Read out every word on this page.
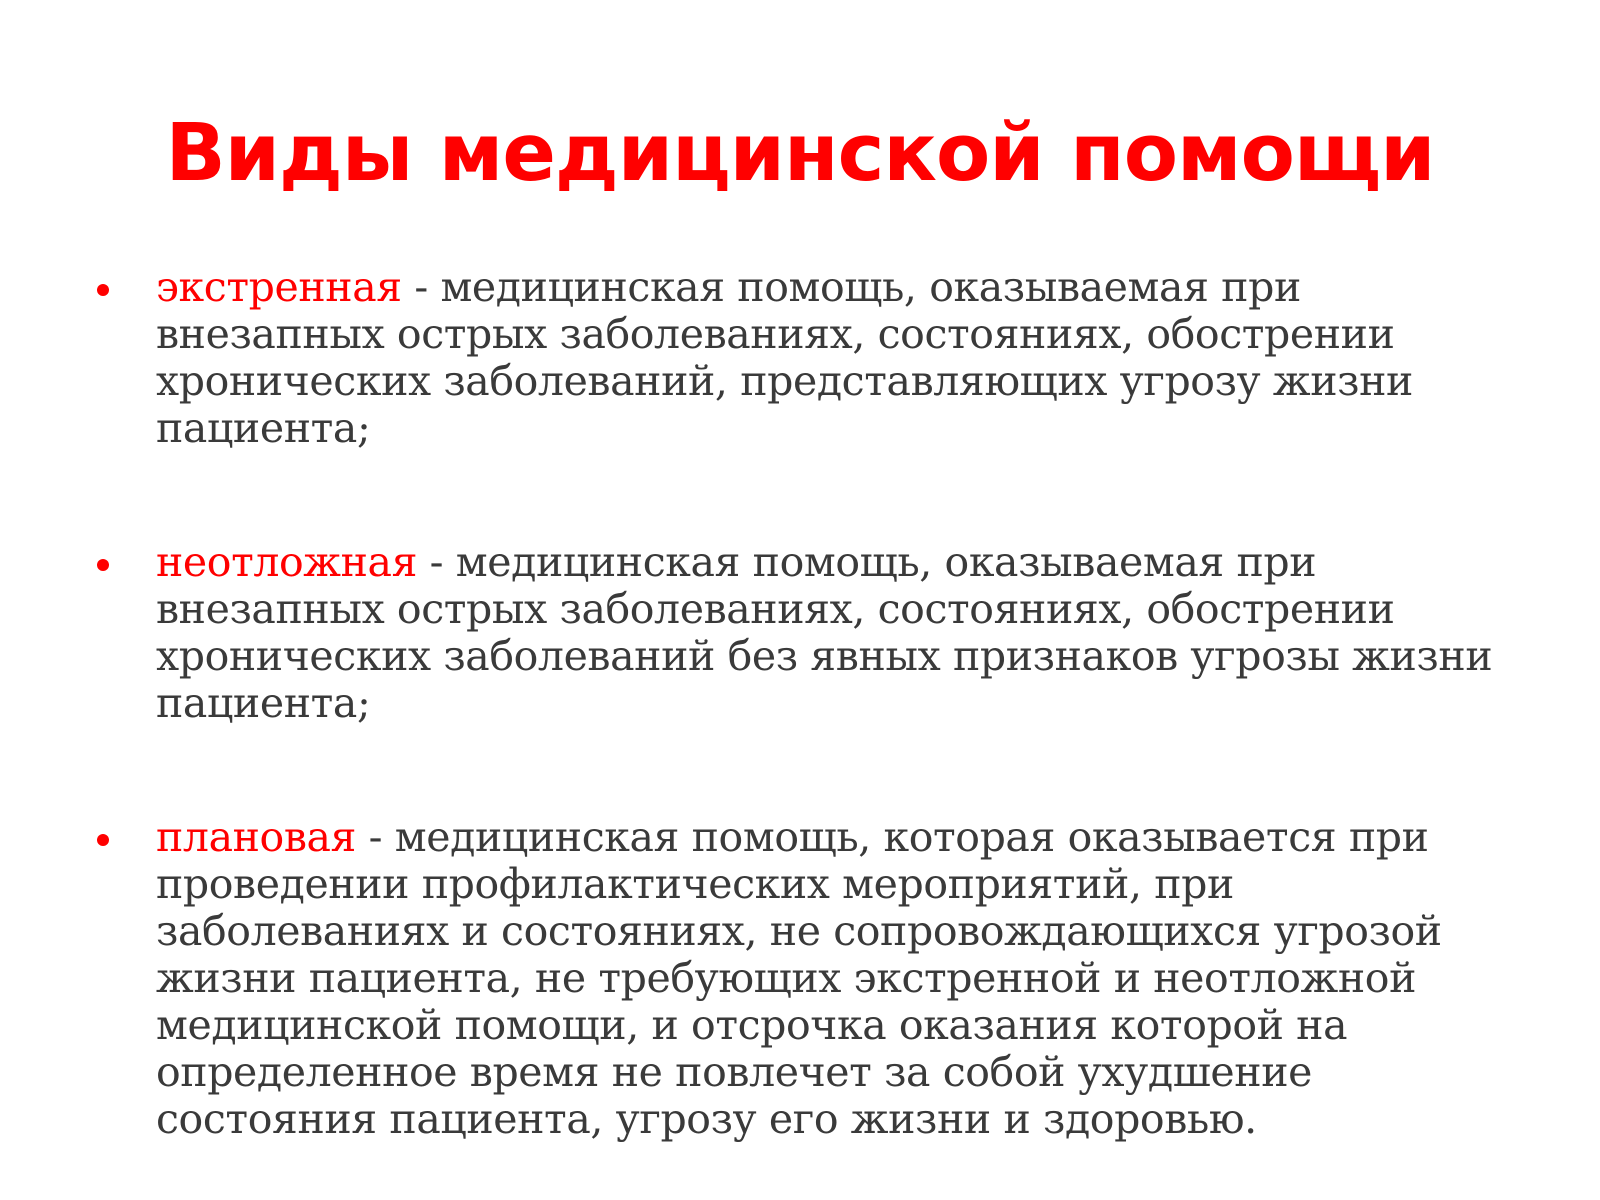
Виды медицинской помощи
экстренная - медицинская помощь, оказываемая при внезапных острых заболеваниях, состояниях, обострении хронических заболеваний, представляющих угрозу жизни пациента;
неотложная - медицинская помощь, оказываемая при внезапных острых заболеваниях, состояниях, обострении хронических заболеваний без явных признаков угрозы жизни пациента;
плановая - медицинская помощь, которая оказывается при проведении профилактических мероприятий, при заболеваниях и состояниях, не сопровождающихся угрозой жизни пациента, не требующих экстренной и неотложной медицинской помощи, и отсрочка оказания которой на определенное время не повлечет за собой ухудшение состояния пациента, угрозу его жизни и здоровью.
